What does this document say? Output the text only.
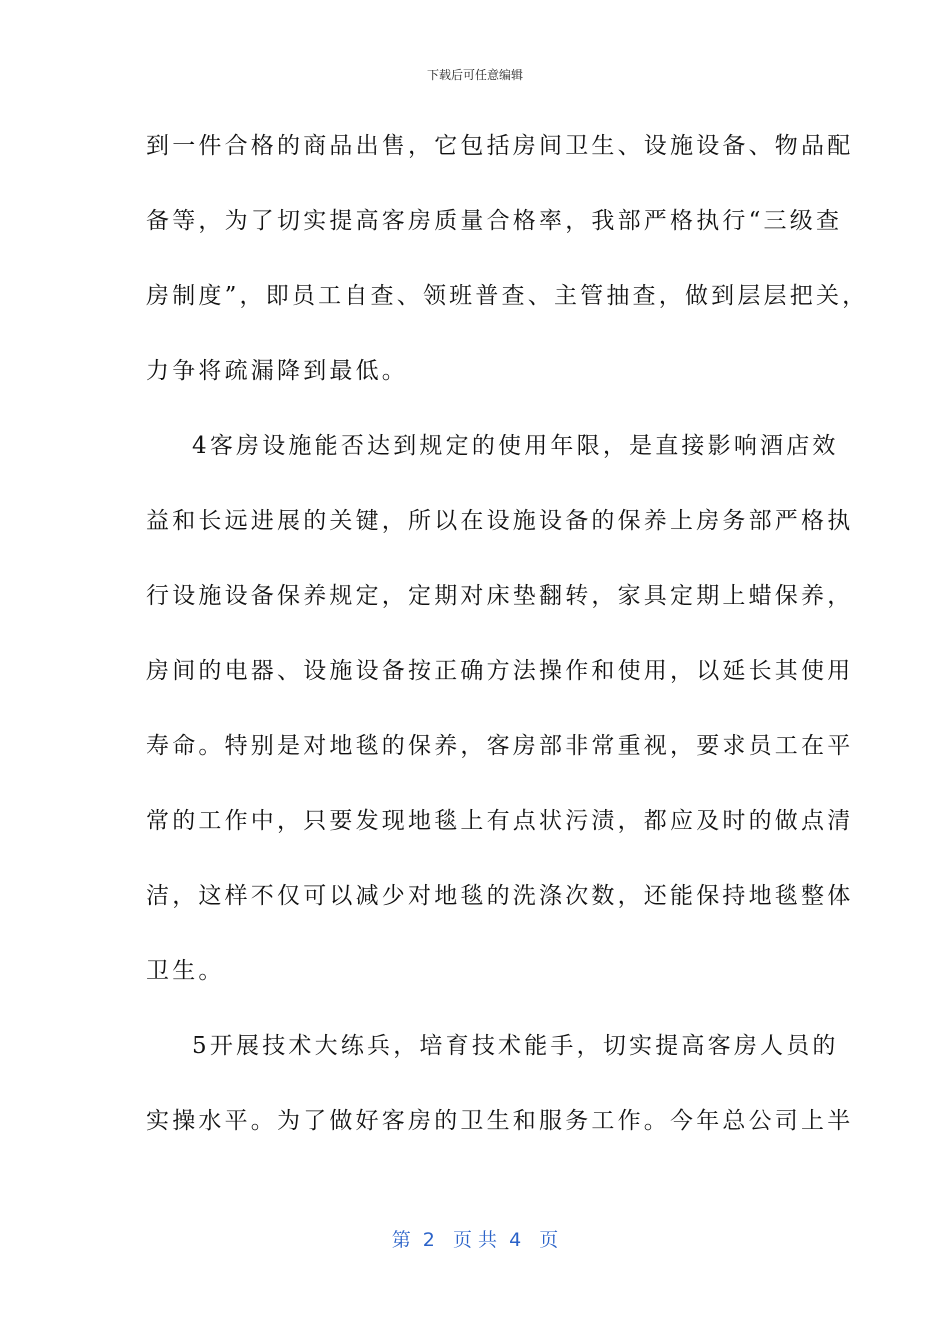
下载后可任意编辑
到一件合格的商品出售，它包括房间卫生、设施设备、物品配
备等，为了切实提高客房质量合格率，我部严格执行“三级查
房制度”，即员工自查、领班普查、主管抽查，做到层层把关，
力争将疏漏降到最低。
4客房设施能否达到规定的使用年限，是直接影响酒店效
益和长远进展的关键，所以在设施设备的保养上房务部严格执
行设施设备保养规定，定期对床垫翻转，家具定期上蜡保养，
房间的电器、设施设备按正确方法操作和使用，以延长其使用
寿命。特别是对地毯的保养，客房部非常重视，要求员工在平
常的工作中，只要发现地毯上有点状污渍，都应及时的做点清
洁，这样不仅可以减少对地毯的洗涤次数，还能保持地毯整体
卫生。
5开展技术大练兵，培育技术能手，切实提高客房人员的
实操水平。为了做好客房的卫生和服务工作。今年总公司上半
第  2   页 共  4   页
